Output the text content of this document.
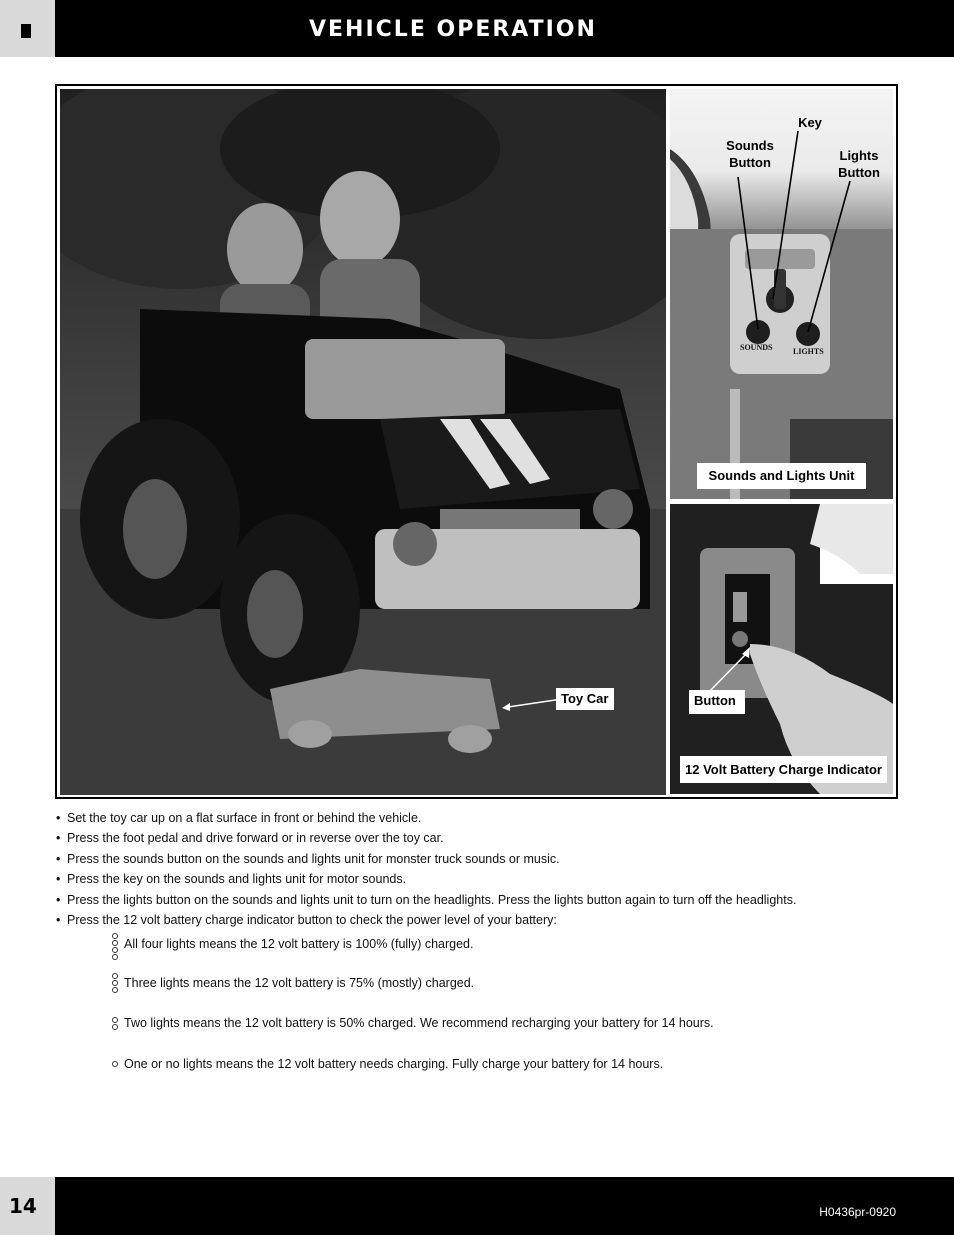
VEHICLE OPERATION
Toy Car
SOUNDS	LIGHTS
Key
Sounds
Button	Lights
Button
Sounds and Lights Unit
Button
12 Volt Battery Charge Indicator
• Set the toy car up on a flat surface in front or behind the vehicle.
• Press the foot pedal and drive forward or in reverse over the toy car.
• Press the sounds button on the sounds and lights unit for monster truck sounds or music.
• Press the key on the sounds and lights unit for motor sounds.
• Press the lights button on the sounds and lights unit to turn on the headlights. Press the lights button again to turn off the headlights.
• Press the 12 volt battery charge indicator button to check the power level of your battery:
All four lights means the 12 volt battery is 100% (fully) charged.
Three lights means the 12 volt battery is 75% (mostly) charged.
Two lights means the 12 volt battery is 50% charged. We recommend recharging your battery for 14 hours.
One or no lights means the 12 volt battery needs charging. Fully charge your battery for 14 hours.
14	H0436pr-0920
